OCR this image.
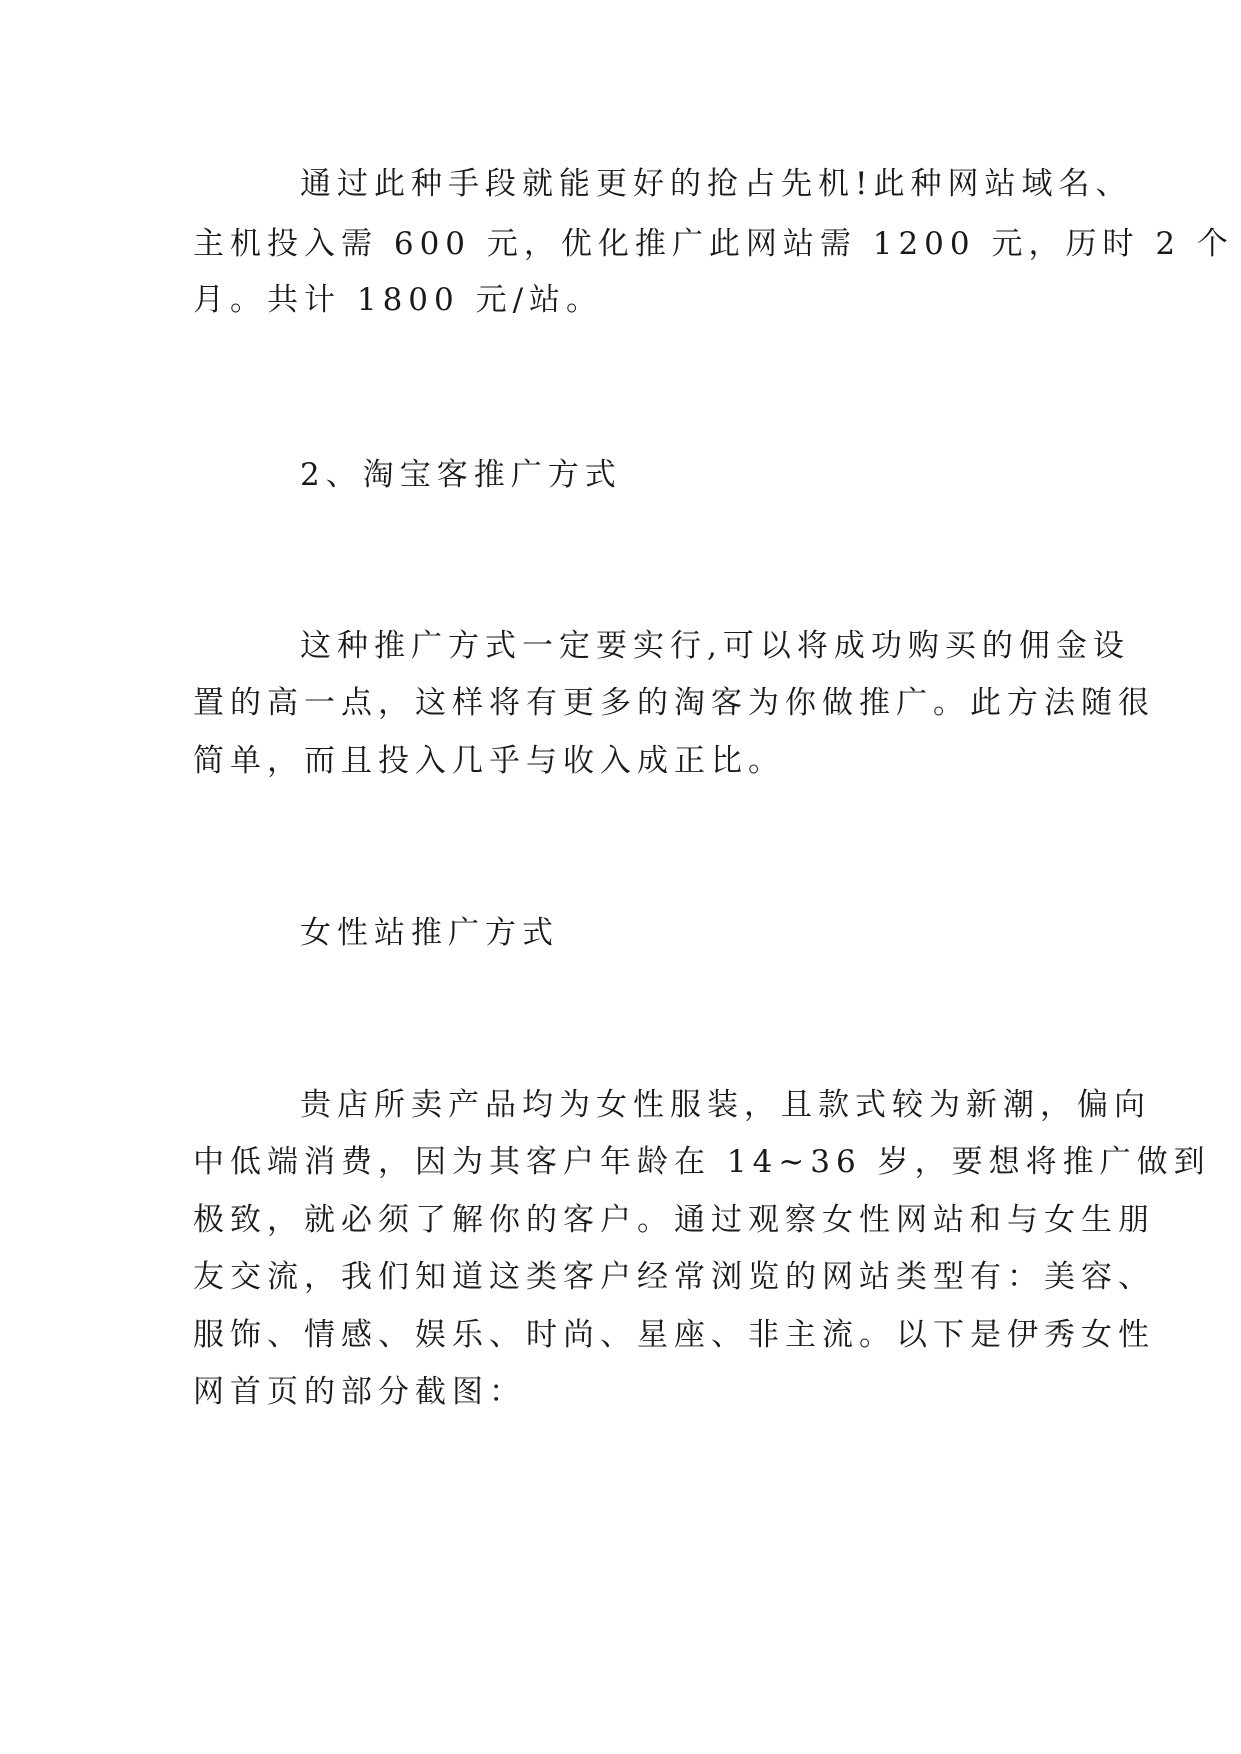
通过此种手段就能更好的抢占先机!此种网站域名、
主机投入需 600 元，优化推广此网站需 1200 元，历时 2 个
月。共计 1800 元/站。
2、淘宝客推广方式
这种推广方式一定要实行,可以将成功购买的佣金设
置的高一点，这样将有更多的淘客为你做推广。此方法随很
简单，而且投入几乎与收入成正比。
女性站推广方式
贵店所卖产品均为女性服装，且款式较为新潮，偏向
中低端消费，因为其客户年龄在 14~36 岁，要想将推广做到
极致，就必须了解你的客户。通过观察女性网站和与女生朋
友交流，我们知道这类客户经常浏览的网站类型有：美容、
服饰、情感、娱乐、时尚、星座、非主流。以下是伊秀女性
网首页的部分截图：
